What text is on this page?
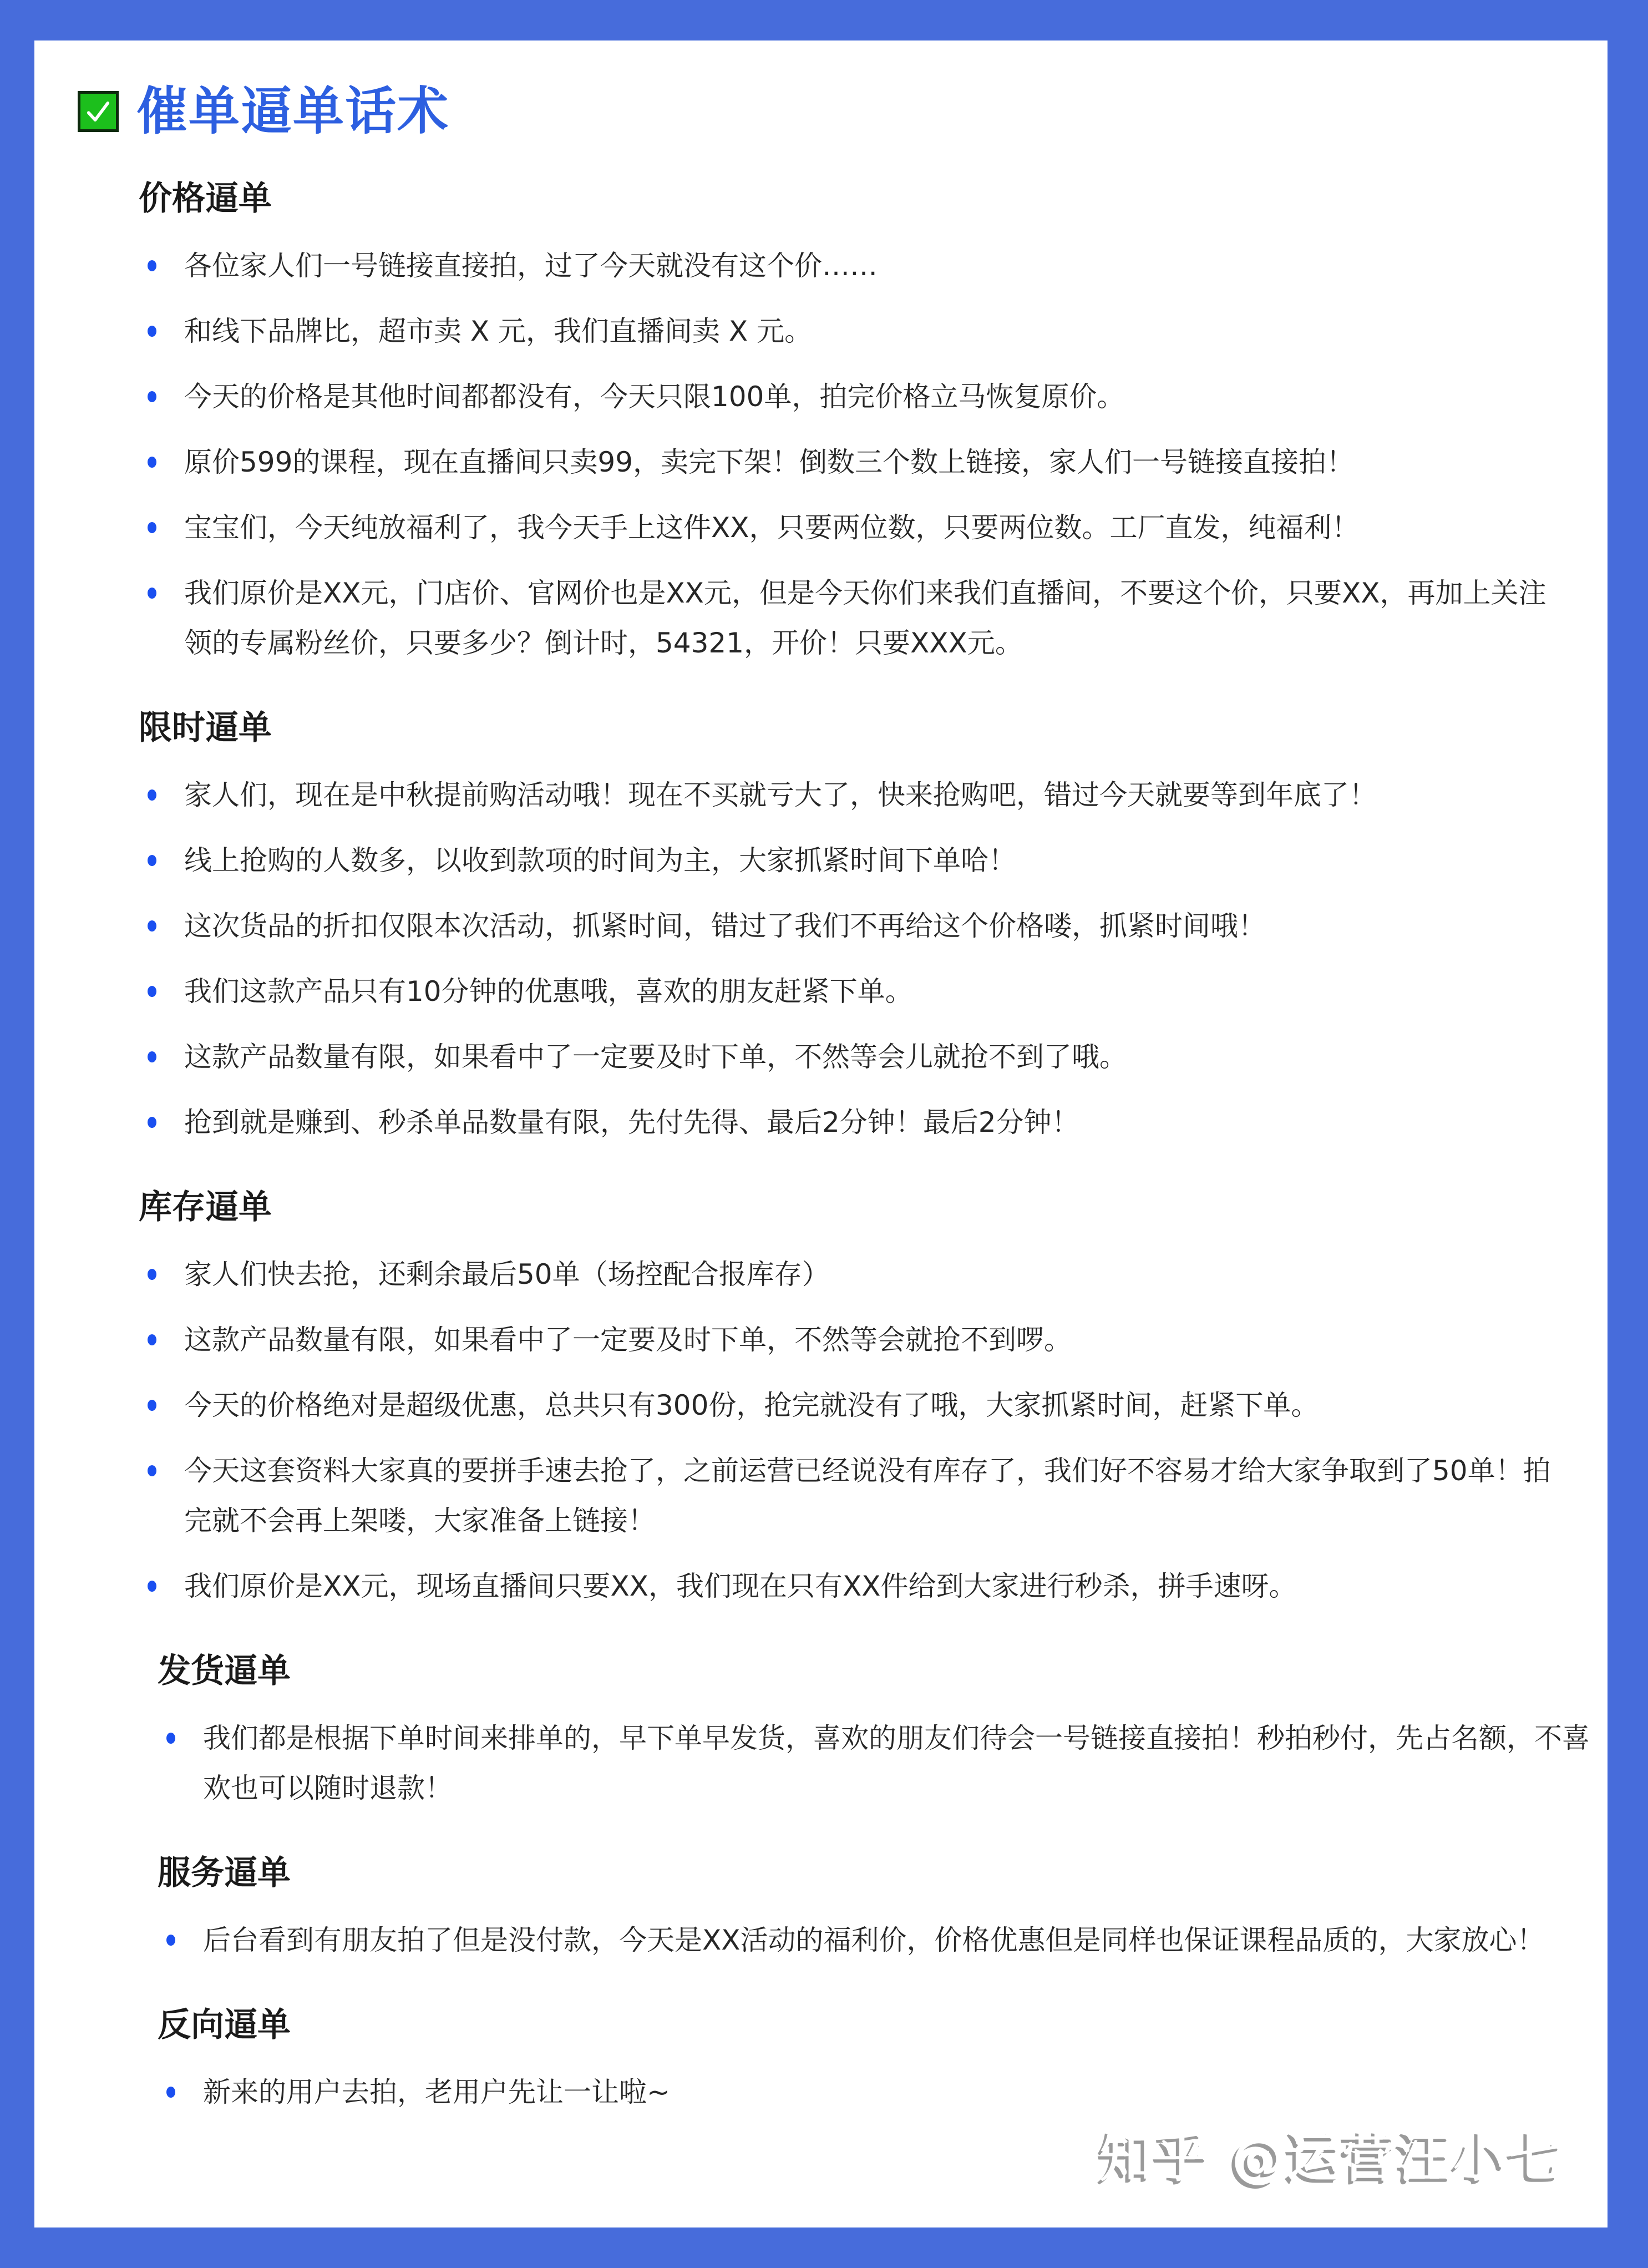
催单逼单话术
价格逼单
各位家人们一号链接直接拍，过了今天就没有这个价……
和线下品牌比，超市卖 X 元，我们直播间卖 X 元。
今天的价格是其他时间都都没有，今天只限100单，拍完价格立马恢复原价。
原价599的课程，现在直播间只卖99，卖完下架！倒数三个数上链接，家人们一号链接直接拍！
宝宝们，今天纯放福利了，我今天手上这件XX，只要两位数，只要两位数。工厂直发，纯福利！
我们原价是XX元，门店价、官网价也是XX元，但是今天你们来我们直播间，不要这个价，只要XX，再加上关注领的专属粉丝价，只要多少？倒计时，54321，开价！只要XXX元。
限时逼单
家人们，现在是中秋提前购活动哦！现在不买就亏大了，快来抢购吧，错过今天就要等到年底了！
线上抢购的人数多，以收到款项的时间为主，大家抓紧时间下单哈！
这次货品的折扣仅限本次活动，抓紧时间，错过了我们不再给这个价格喽，抓紧时间哦！
我们这款产品只有10分钟的优惠哦，喜欢的朋友赶紧下单。
这款产品数量有限，如果看中了一定要及时下单，不然等会儿就抢不到了哦。
抢到就是赚到、秒杀单品数量有限，先付先得、最后2分钟！最后2分钟！
库存逼单
家人们快去抢，还剩余最后50单（场控配合报库存）
这款产品数量有限，如果看中了一定要及时下单，不然等会就抢不到啰。
今天的价格绝对是超级优惠，总共只有300份，抢完就没有了哦，大家抓紧时间，赶紧下单。
今天这套资料大家真的要拼手速去抢了，之前运营已经说没有库存了，我们好不容易才给大家争取到了50单！拍完就不会再上架喽，大家准备上链接！
我们原价是XX元，现场直播间只要XX，我们现在只有XX件给到大家进行秒杀，拼手速呀。
发货逼单
我们都是根据下单时间来排单的，早下单早发货，喜欢的朋友们待会一号链接直接拍！秒拍秒付，先占名额，不喜欢也可以随时退款！
服务逼单
后台看到有朋友拍了但是没付款，今天是XX活动的福利价，价格优惠但是同样也保证课程品质的，大家放心！
反向逼单
新来的用户去拍，老用户先让一让啦~
知乎 @运营汪小七
